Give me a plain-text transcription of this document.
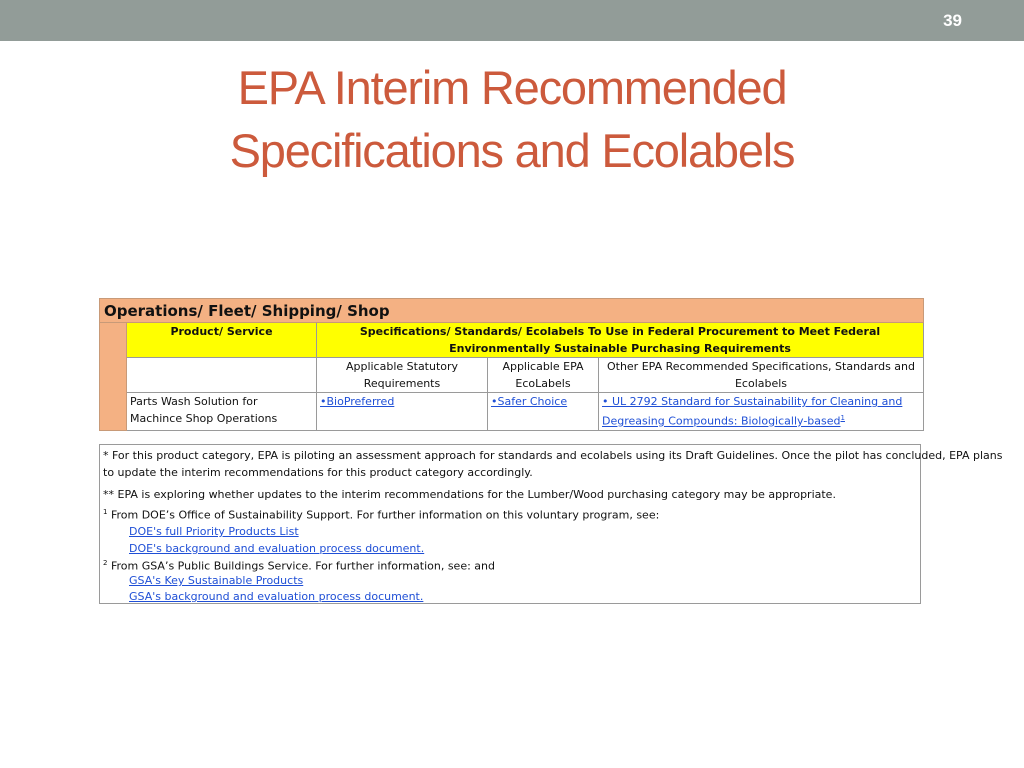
39
EPA Interim Recommended
Specifications and Ecolabels
Operations/ Fleet/ Shipping/ Shop				
	Product/ Service	Specifications/ Standards/ Ecolabels To Use in Federal Procurement to Meet Federal Environmentally Sustainable Purchasing Requirements		
		Applicable Statutory Requirements	Applicable EPA EcoLabels	Other EPA Recommended Specifications, Standards and Ecolabels
	Parts Wash Solution for Machince Shop Operations	•BioPreferred	•Safer Choice	• UL 2792 Standard for Sustainability for Cleaning and Degreasing Compounds: Biologically-based$^1$
* For this product category, EPA is piloting an assessment approach for standards and ecolabels using its Draft Guidelines. Once the pilot has concluded, EPA plans
to update the interim recommendations for this product category accordingly.
** EPA is exploring whether updates to the interim recommendations for the Lumber/Wood purchasing category may be appropriate.
$^1$ From DOE’s Office of Sustainability Support. For further information on this voluntary program, see:
DOE's full Priority Products List
DOE's background and evaluation process document.
$^2$ From GSA’s Public Buildings Service. For further information, see: and
GSA's Key Sustainable Products
GSA's background and evaluation process document.
